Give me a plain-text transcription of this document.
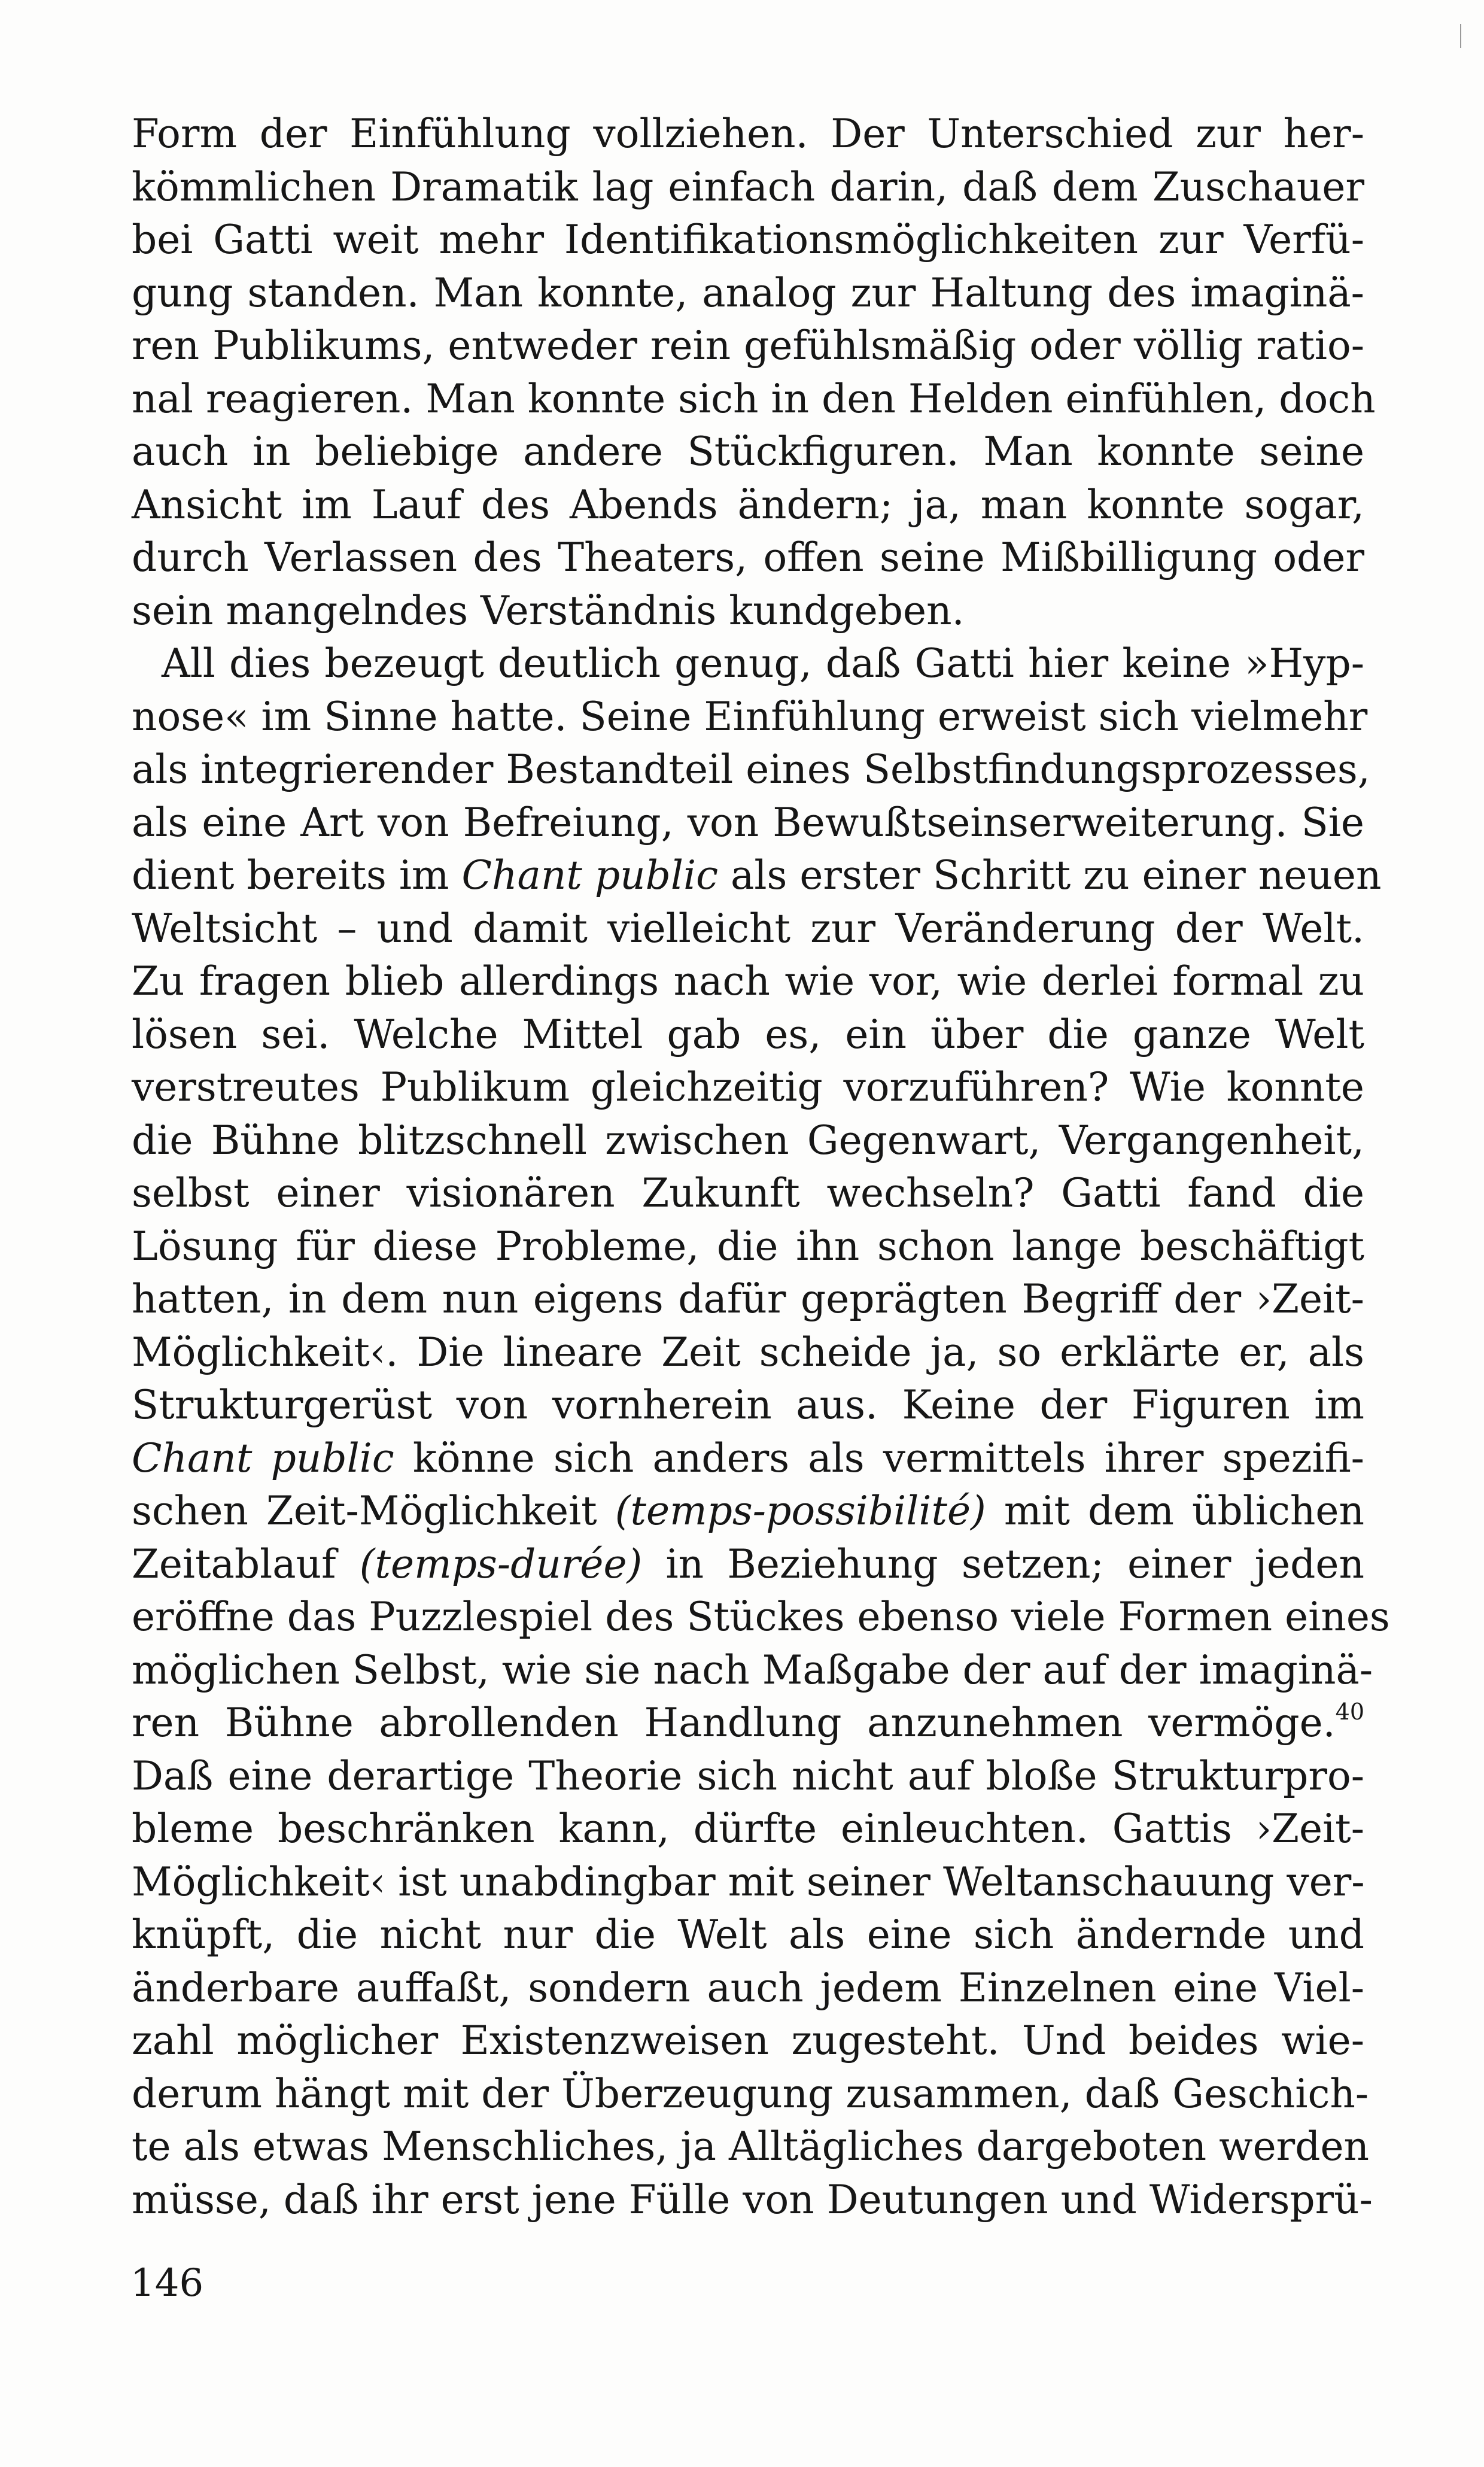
Form der Einfühlung vollziehen. Der Unterschied zur her-
kömmlichen Dramatik lag einfach darin, daß dem Zuschauer
bei Gatti weit mehr Identifikationsmöglichkeiten zur Verfü-
gung standen. Man konnte, analog zur Haltung des imaginä-
ren Publikums, entweder rein gefühlsmäßig oder völlig ratio-
nal reagieren. Man konnte sich in den Helden einfühlen, doch
auch in beliebige andere Stückfiguren. Man konnte seine
Ansicht im Lauf des Abends ändern; ja, man konnte sogar,
durch Verlassen des Theaters, offen seine Mißbilligung oder
sein mangelndes Verständnis kundgeben.
All dies bezeugt deutlich genug, daß Gatti hier keine »Hyp-
nose« im Sinne hatte. Seine Einfühlung erweist sich vielmehr
als integrierender Bestandteil eines Selbstfindungsprozesses,
als eine Art von Befreiung, von Bewußtseinserweiterung. Sie
dient bereits im Chant public als erster Schritt zu einer neuen
Weltsicht – und damit vielleicht zur Veränderung der Welt.
Zu fragen blieb allerdings nach wie vor, wie derlei formal zu
lösen sei. Welche Mittel gab es, ein über die ganze Welt
verstreutes Publikum gleichzeitig vorzuführen? Wie konnte
die Bühne blitzschnell zwischen Gegenwart, Vergangenheit,
selbst einer visionären Zukunft wechseln? Gatti fand die
Lösung für diese Probleme, die ihn schon lange beschäftigt
hatten, in dem nun eigens dafür geprägten Begriff der ›Zeit-
Möglichkeit‹. Die lineare Zeit scheide ja, so erklärte er, als
Strukturgerüst von vornherein aus. Keine der Figuren im
Chant public könne sich anders als vermittels ihrer spezifi-
schen Zeit-Möglichkeit (temps-possibilité) mit dem üblichen
Zeitablauf (temps-durée) in Beziehung setzen; einer jeden
eröffne das Puzzlespiel des Stückes ebenso viele Formen eines
möglichen Selbst, wie sie nach Maßgabe der auf der imaginä-
ren Bühne abrollenden Handlung anzunehmen vermöge.$^{40}$
Daß eine derartige Theorie sich nicht auf bloße Strukturpro-
bleme beschränken kann, dürfte einleuchten. Gattis ›Zeit-
Möglichkeit‹ ist unabdingbar mit seiner Weltanschauung ver-
knüpft, die nicht nur die Welt als eine sich ändernde und
änderbare auffaßt, sondern auch jedem Einzelnen eine Viel-
zahl möglicher Existenzweisen zugesteht. Und beides wie-
derum hängt mit der Überzeugung zusammen, daß Geschich-
te als etwas Menschliches, ja Alltägliches dargeboten werden
müsse, daß ihr erst jene Fülle von Deutungen und Widersprü-
146
